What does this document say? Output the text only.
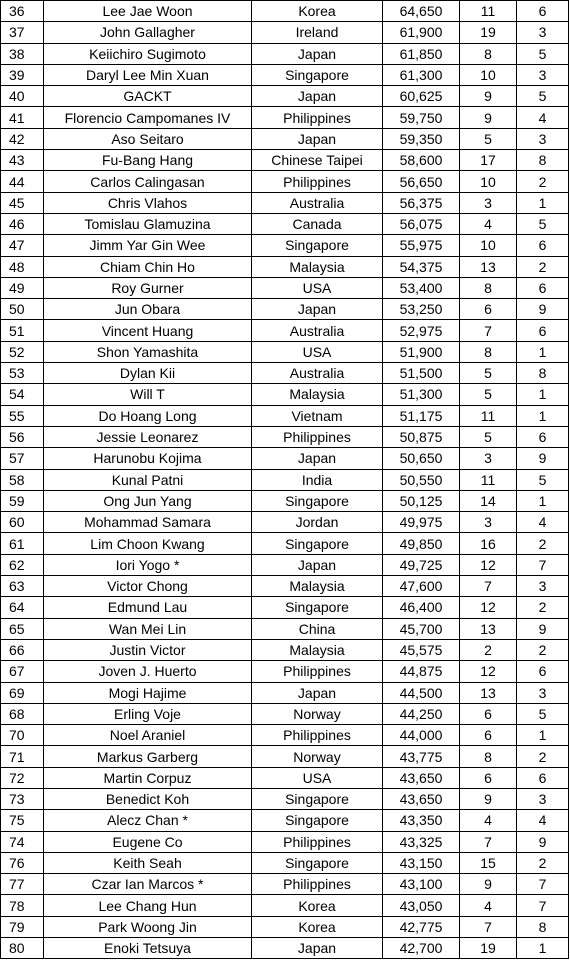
36	Lee Jae Woon	Korea	64,650	11	6
37	John Gallagher	Ireland	61,900	19	3
38	Keiichiro Sugimoto	Japan	61,850	8	5
39	Daryl Lee Min Xuan	Singapore	61,300	10	3
40	GACKT	Japan	60,625	9	5
41	Florencio Campomanes IV	Philippines	59,750	9	4
42	Aso Seitaro	Japan	59,350	5	3
43	Fu-Bang Hang	Chinese Taipei	58,600	17	8
44	Carlos Calingasan	Philippines	56,650	10	2
45	Chris Vlahos	Australia	56,375	3	1
46	Tomislau Glamuzina	Canada	56,075	4	5
47	Jimm Yar Gin Wee	Singapore	55,975	10	6
48	Chiam Chin Ho	Malaysia	54,375	13	2
49	Roy Gurner	USA	53,400	8	6
50	Jun Obara	Japan	53,250	6	9
51	Vincent Huang	Australia	52,975	7	6
52	Shon Yamashita	USA	51,900	8	1
53	Dylan Kii	Australia	51,500	5	8
54	Will T	Malaysia	51,300	5	1
55	Do Hoang Long	Vietnam	51,175	11	1
56	Jessie Leonarez	Philippines	50,875	5	6
57	Harunobu Kojima	Japan	50,650	3	9
58	Kunal Patni	India	50,550	11	5
59	Ong Jun Yang	Singapore	50,125	14	1
60	Mohammad Samara	Jordan	49,975	3	4
61	Lim Choon Kwang	Singapore	49,850	16	2
62	Iori Yogo *	Japan	49,725	12	7
63	Victor Chong	Malaysia	47,600	7	3
64	Edmund Lau	Singapore	46,400	12	2
65	Wan Mei Lin	China	45,700	13	9
66	Justin Victor	Malaysia	45,575	2	2
67	Joven J. Huerto	Philippines	44,875	12	6
69	Mogi Hajime	Japan	44,500	13	3
68	Erling Voje	Norway	44,250	6	5
70	Noel Araniel	Philippines	44,000	6	1
71	Markus Garberg	Norway	43,775	8	2
72	Martin Corpuz	USA	43,650	6	6
73	Benedict Koh	Singapore	43,650	9	3
75	Alecz Chan *	Singapore	43,350	4	4
74	Eugene Co	Philippines	43,325	7	9
76	Keith Seah	Singapore	43,150	15	2
77	Czar Ian Marcos *	Philippines	43,100	9	7
78	Lee Chang Hun	Korea	43,050	4	7
79	Park Woong Jin	Korea	42,775	7	8
80	Enoki Tetsuya	Japan	42,700	19	1
